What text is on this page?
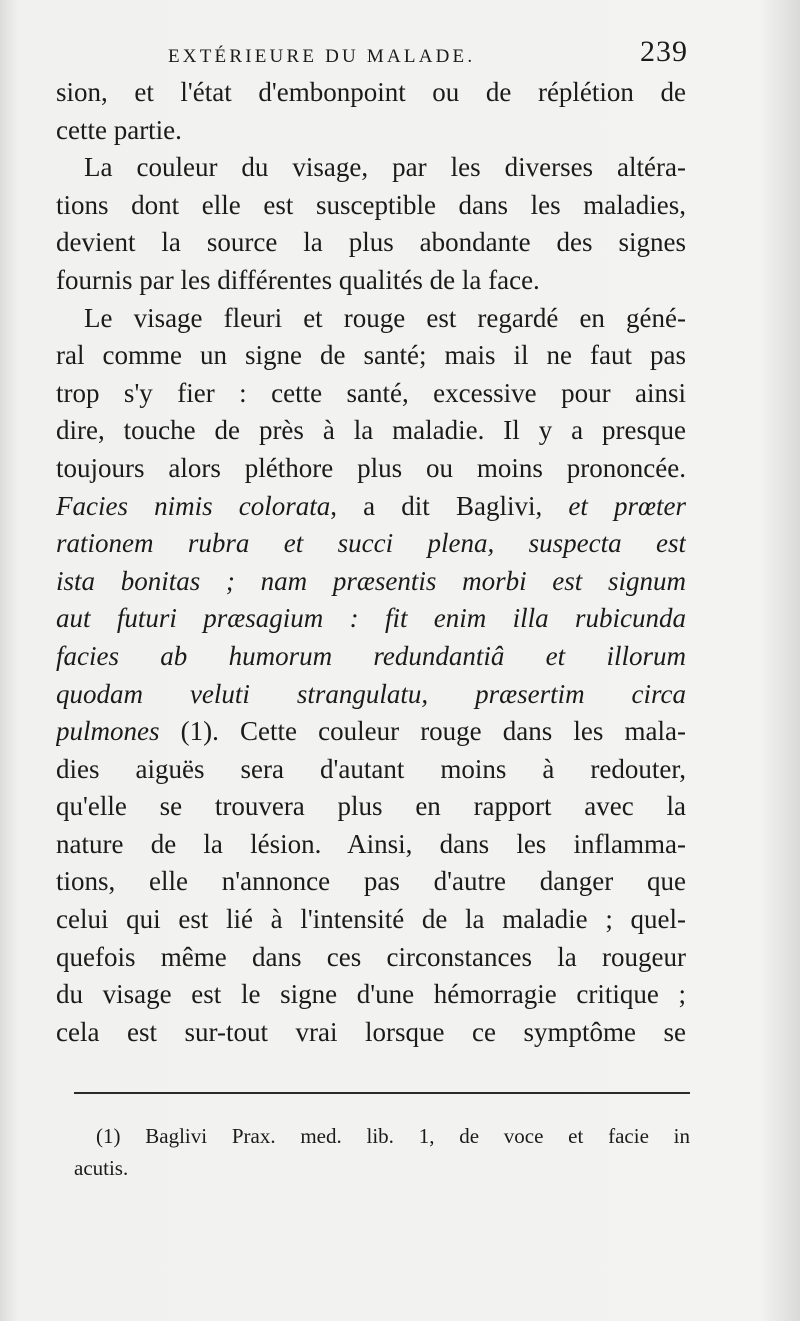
EXTÉRIEURE DU MALADE.	239
sion, et l'état d'embonpoint ou de réplétion de
cette partie.
La couleur du visage, par les diverses altéra-
tions dont elle est susceptible dans les maladies,
devient la source la plus abondante des signes
fournis par les différentes qualités de la face.
Le visage fleuri et rouge est regardé en géné-
ral comme un signe de santé; mais il ne faut pas
trop s'y fier : cette santé, excessive pour ainsi
dire, touche de près à la maladie. Il y a presque
toujours alors pléthore plus ou moins prononcée.
Facies nimis colorata, a dit Baglivi, et prœter
rationem rubra et succi plena, suspecta est
ista bonitas ; nam præsentis morbi est signum
aut futuri præsagium : fit enim illa rubicunda
facies ab humorum redundantiâ et illorum
quodam veluti strangulatu, præsertim circa
pulmones (1). Cette couleur rouge dans les mala-
dies aiguës sera d'autant moins à redouter,
qu'elle se trouvera plus en rapport avec la
nature de la lésion. Ainsi, dans les inflamma-
tions, elle n'annonce pas d'autre danger que
celui qui est lié à l'intensité de la maladie ; quel-
quefois même dans ces circonstances la rougeur
du visage est le signe d'une hémorragie critique ;
cela est sur-tout vrai lorsque ce symptôme se
(1) Baglivi Prax. med. lib. 1, de voce et facie in
acutis.
